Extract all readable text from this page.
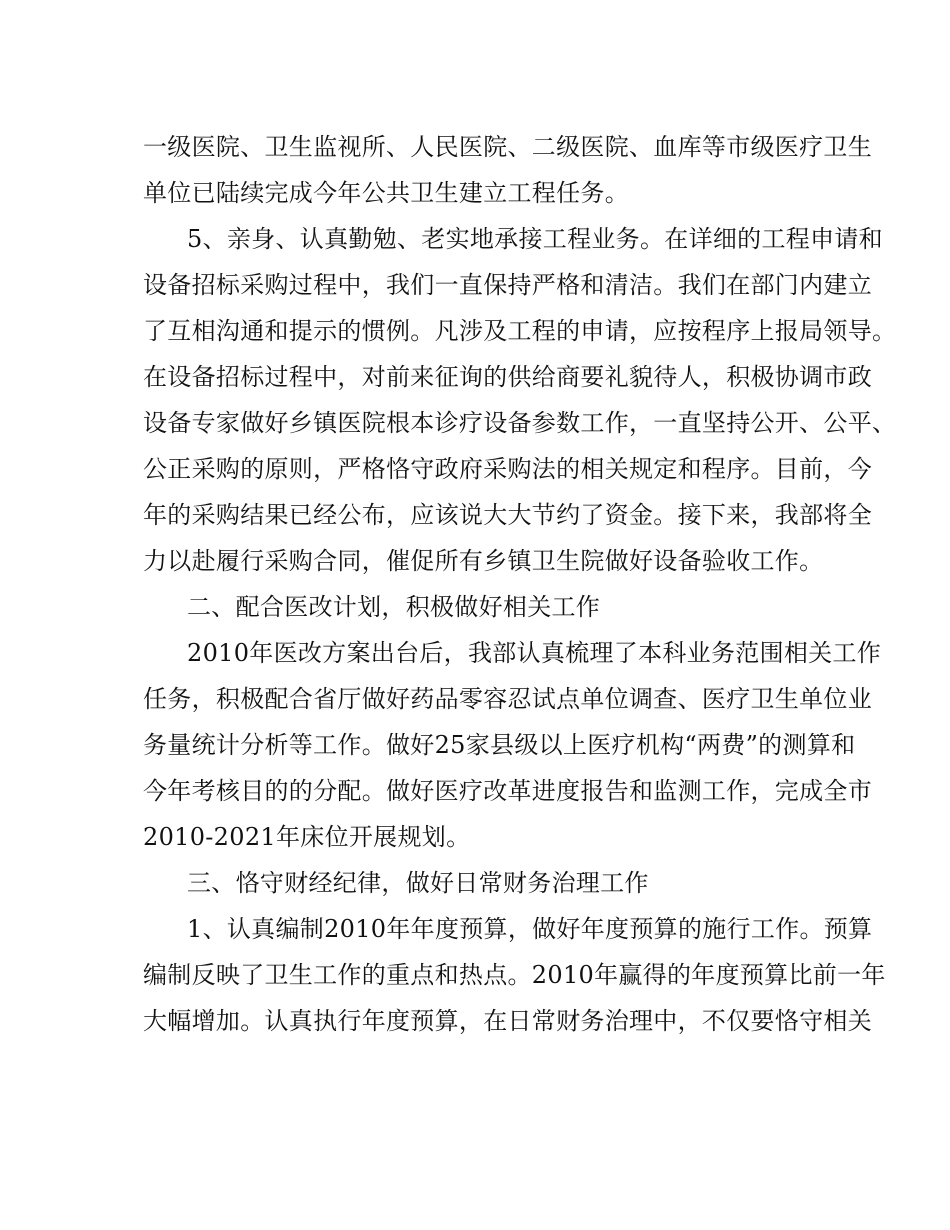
一级医院、卫生监视所、人民医院、二级医院、血库等市级医疗卫生

单位已陆续完成今年公共卫生建立工程任务。

5、亲身、认真勤勉、老实地承接工程业务。在详细的工程申请和

设备招标采购过程中，我们一直保持严格和清洁。我们在部门内建立

了互相沟通和提示的惯例。凡涉及工程的申请，应按程序上报局领导。

在设备招标过程中，对前来征询的供给商要礼貌待人，积极协调市政

设备专家做好乡镇医院根本诊疗设备参数工作，一直坚持公开、公平、

公正采购的原则，严格恪守政府采购法的相关规定和程序。目前，今

年的采购结果已经公布，应该说大大节约了资金。接下来，我部将全

力以赴履行采购合同，催促所有乡镇卫生院做好设备验收工作。

二、配合医改计划，积极做好相关工作

2010年医改方案出台后，我部认真梳理了本科业务范围相关工作

任务，积极配合省厅做好药品零容忍试点单位调查、医疗卫生单位业

务量统计分析等工作。做好25家县级以上医疗机构“两费”的测算和

今年考核目的的分配。做好医疗改革进度报告和监测工作，完成全市

2010-2021年床位开展规划。

三、恪守财经纪律，做好日常财务治理工作

1、认真编制2010年年度预算，做好年度预算的施行工作。预算

编制反映了卫生工作的重点和热点。2010年赢得的年度预算比前一年

大幅增加。认真执行年度预算，在日常财务治理中，不仅要恪守相关
